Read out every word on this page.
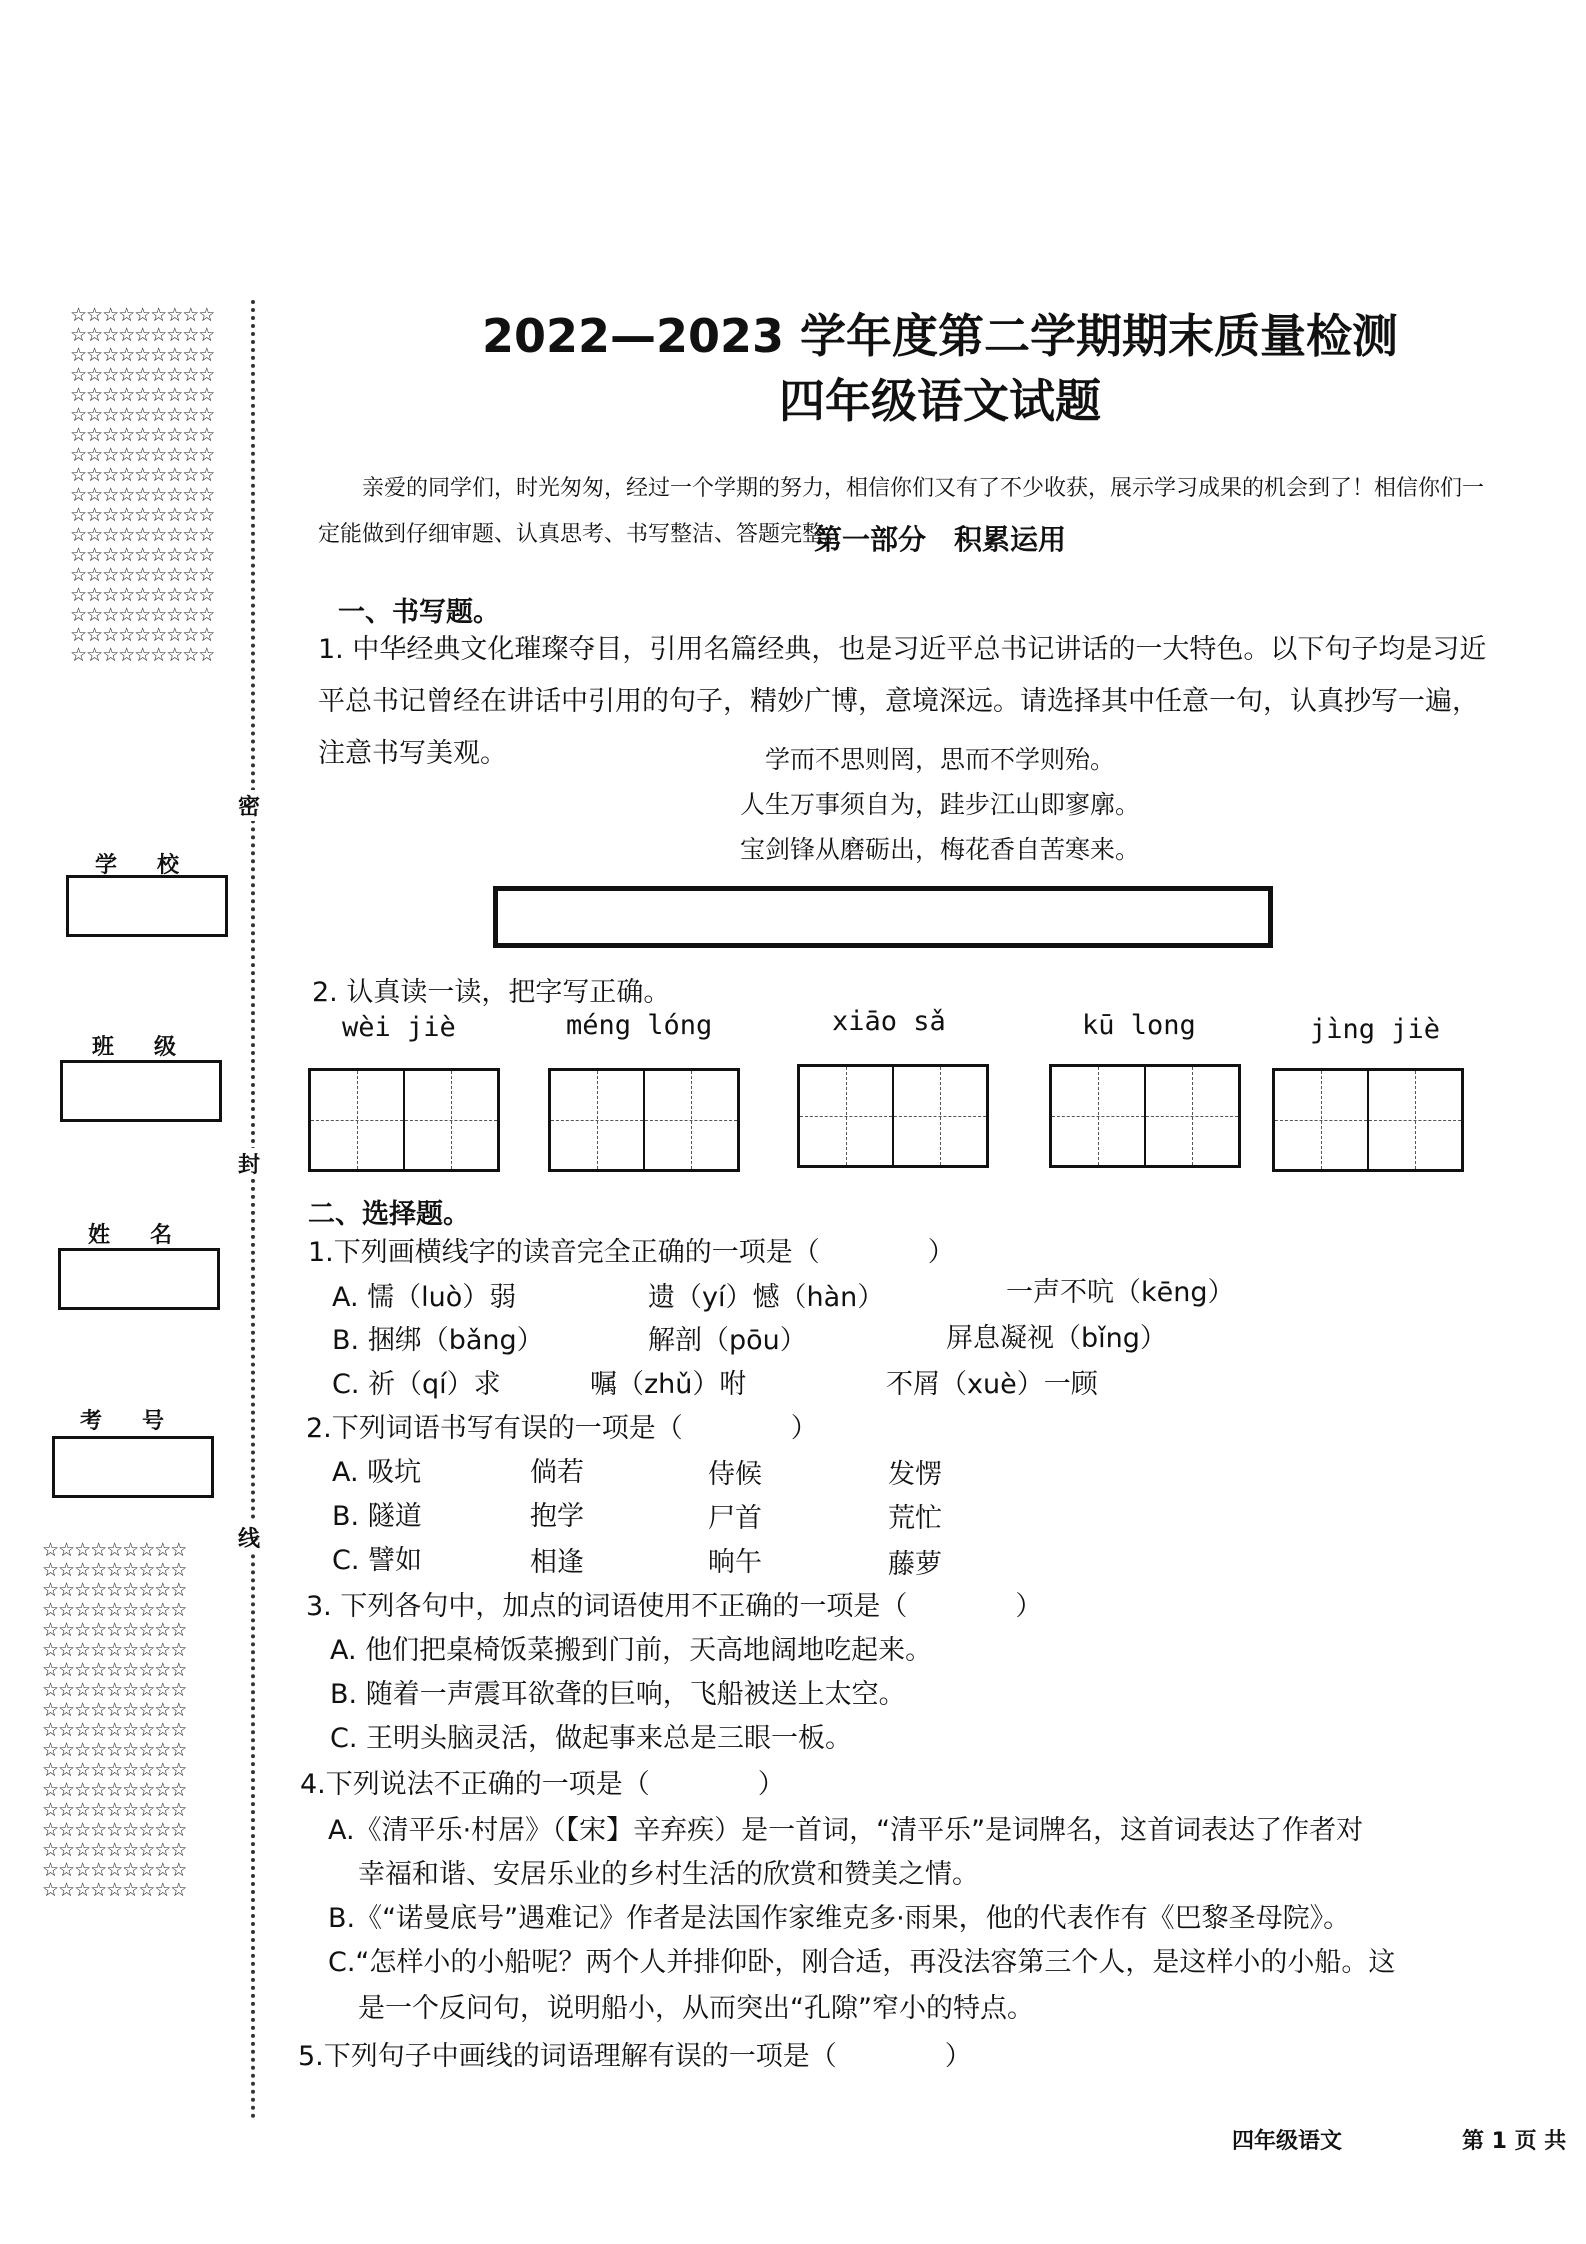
☆☆☆☆☆☆☆☆☆☆☆☆☆☆☆☆☆☆☆☆☆☆☆☆☆☆☆☆☆☆☆☆☆☆☆☆☆☆☆☆☆☆☆☆☆☆☆☆☆☆☆☆☆☆☆☆☆☆☆☆☆☆☆☆☆☆☆☆☆☆☆☆☆☆☆☆☆☆☆☆☆☆☆☆☆☆☆☆☆☆☆☆☆☆☆☆☆☆☆☆☆☆☆☆☆☆☆☆☆☆☆☆☆☆☆☆☆☆☆☆☆☆☆☆☆☆☆☆☆☆☆☆☆☆☆☆☆☆☆☆☆☆☆☆☆☆☆☆☆☆☆☆☆☆☆☆☆☆☆☆☆☆
☆☆☆☆☆☆☆☆☆☆☆☆☆☆☆☆☆☆☆☆☆☆☆☆☆☆☆☆☆☆☆☆☆☆☆☆☆☆☆☆☆☆☆☆☆☆☆☆☆☆☆☆☆☆☆☆☆☆☆☆☆☆☆☆☆☆☆☆☆☆☆☆☆☆☆☆☆☆☆☆☆☆☆☆☆☆☆☆☆☆☆☆☆☆☆☆☆☆☆☆☆☆☆☆☆☆☆☆☆☆☆☆☆☆☆☆☆☆☆☆☆☆☆☆☆☆☆☆☆☆☆☆☆☆☆☆☆☆☆☆☆☆☆☆☆☆☆☆☆☆☆☆☆☆☆☆☆☆☆☆☆☆
密
封
线
学校
班级
姓名
考号
2022—2023 学年度第二学期期末质量检测
四年级语文试题
亲爱的同学们，时光匆匆，经过一个学期的努力，相信你们又有了不少收获，展示学习成果的机会到了！相信你们一定能做到仔细审题、认真思考、书写整洁、答题完整。
第一部分　积累运用
一、书写题。
1. 中华经典文化璀璨夺目，引用名篇经典，也是习近平总书记讲话的一大特色。以下句子均是习近平总书记曾经在讲话中引用的句子，精妙广博，意境深远。请选择其中任意一句，认真抄写一遍，注意书写美观。	学而不思则罔，思而不学则殆。
人生万事须自为，跬步江山即寥廓。
宝剑锋从磨砺出，梅花香自苦寒来。
2. 认真读一读，把字写正确。
wèi jiè	méng lóng	xiāo sǎ	kū long	jìng jiè
二、选择题。
1.下列画横线字的读音完全正确的一项是（　　　　）
A. 懦（luò）弱	遗（yí）憾（hàn）	一声不吭（kēng）
B. 捆绑（bǎng）	解剖（pōu）	屏息凝视（bǐng）
C. 祈（qí）求	嘱（zhǔ）咐	不屑（xuè）一顾
2.下列词语书写有误的一项是（　　　　）
A. 吸坑	倘若	侍候	发愣
B. 隧道	抱学	尸首	荒忙
C. 譬如	相逢	晌午	藤萝
3. 下列各句中，加点的词语使用不正确的一项是（　　　　）
A. 他们把桌椅饭菜搬到门前，天高地阔地吃起来。
B. 随着一声震耳欲聋的巨响，飞船被送上太空。
C. 王明头脑灵活，做起事来总是三眼一板。
4.下列说法不正确的一项是（　　　　）
A.《清平乐·村居》（【宋】辛弃疾）是一首词，“清平乐”是词牌名，这首词表达了作者对
幸福和谐、安居乐业的乡村生活的欣赏和赞美之情。
B.《“诺曼底号”遇难记》作者是法国作家维克多·雨果，他的代表作有《巴黎圣母院》。
C.“怎样小的小船呢？两个人并排仰卧，刚合适，再没法容第三个人，是这样小的小船。这
是一个反问句，说明船小，从而突出“孔隙”窄小的特点。
5.下列句子中画线的词语理解有误的一项是（　　　　）
四年级语文	第 1 页 共
